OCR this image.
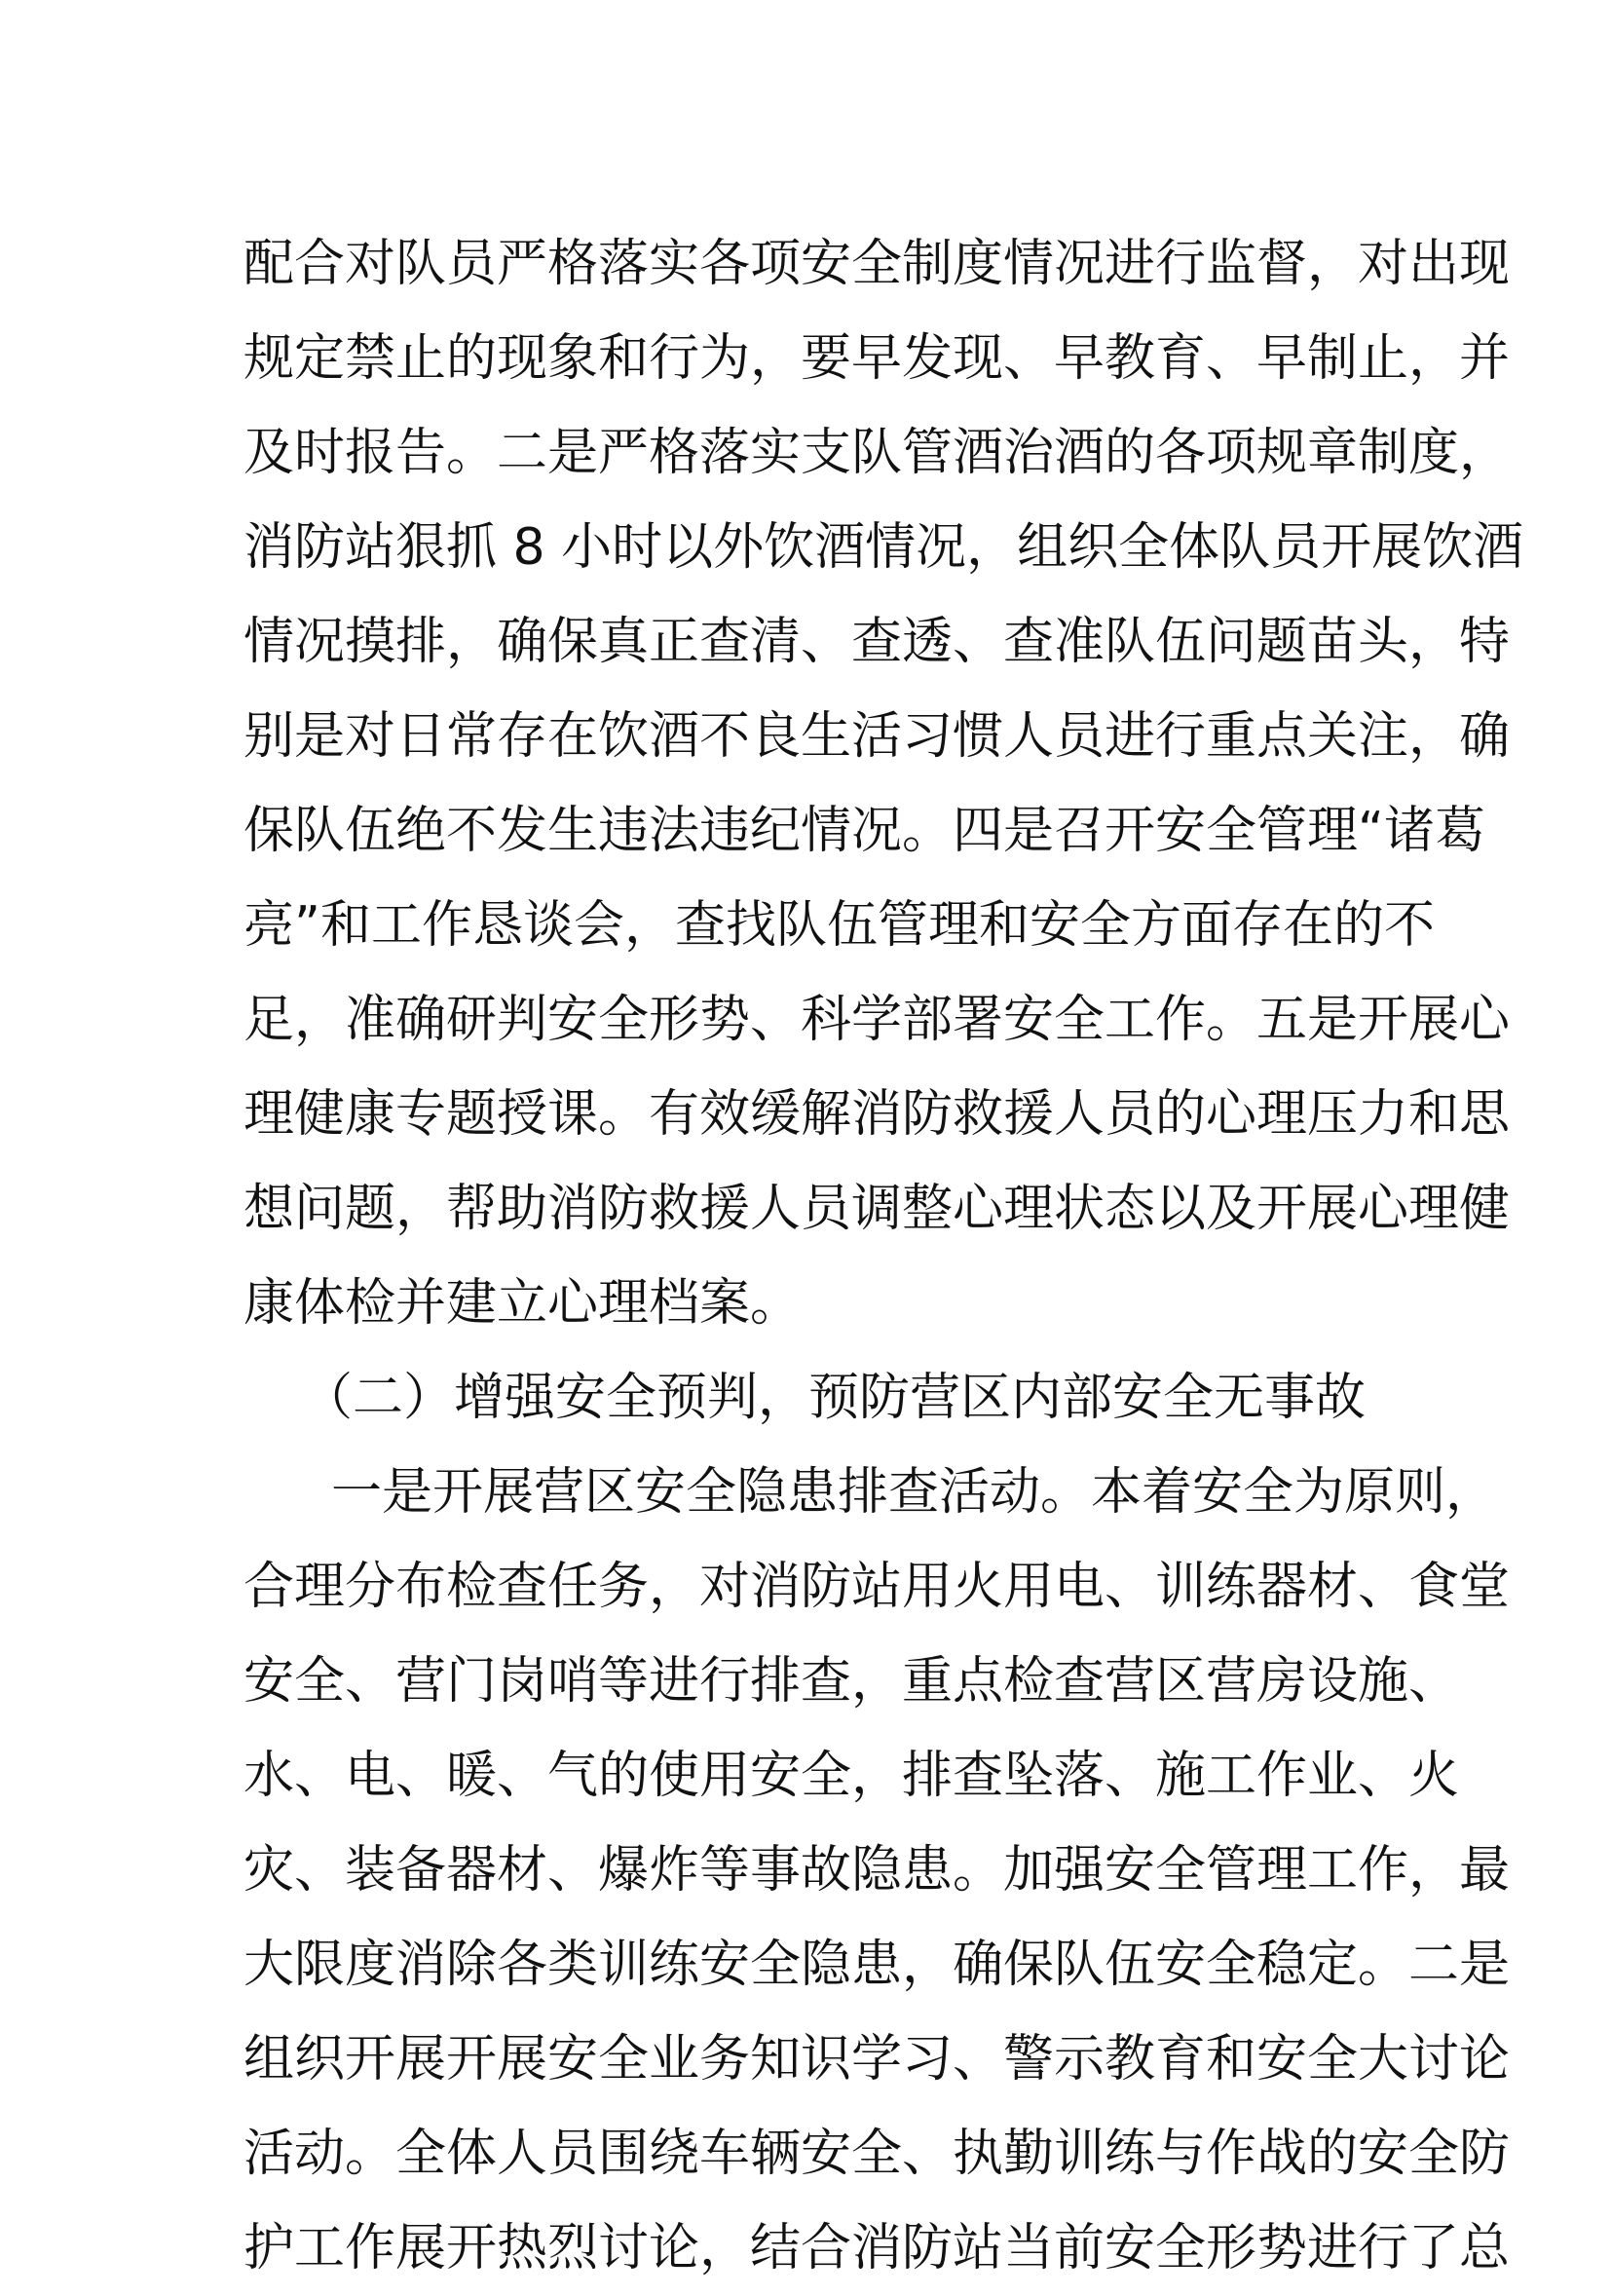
配合对队员严格落实各项安全制度情况进行监督，对出现
规定禁止的现象和行为，要早发现、早教育、早制止，并
及时报告。二是严格落实支队管酒治酒的各项规章制度，
消防站狠抓 8 小时以外饮酒情况，组织全体队员开展饮酒
情况摸排，确保真正查清、查透、查准队伍问题苗头，特
别是对日常存在饮酒不良生活习惯人员进行重点关注，确
保队伍绝不发生违法违纪情况。四是召开安全管理“诸葛
亮”和工作恳谈会，查找队伍管理和安全方面存在的不
足，准确研判安全形势、科学部署安全工作。五是开展心
理健康专题授课。有效缓解消防救援人员的心理压力和思
想问题，帮助消防救援人员调整心理状态以及开展心理健
康体检并建立心理档案。
（二）增强安全预判，预防营区内部安全无事故
一是开展营区安全隐患排查活动。本着安全为原则，
合理分布检查任务，对消防站用火用电、训练器材、食堂
安全、营门岗哨等进行排查，重点检查营区营房设施、
水、电、暖、气的使用安全，排查坠落、施工作业、火
灾、装备器材、爆炸等事故隐患。加强安全管理工作，最
大限度消除各类训练安全隐患，确保队伍安全稳定。二是
组织开展开展安全业务知识学习、警示教育和安全大讨论
活动。全体人员围绕车辆安全、执勤训练与作战的安全防
护工作展开热烈讨论，结合消防站当前安全形势进行了总
